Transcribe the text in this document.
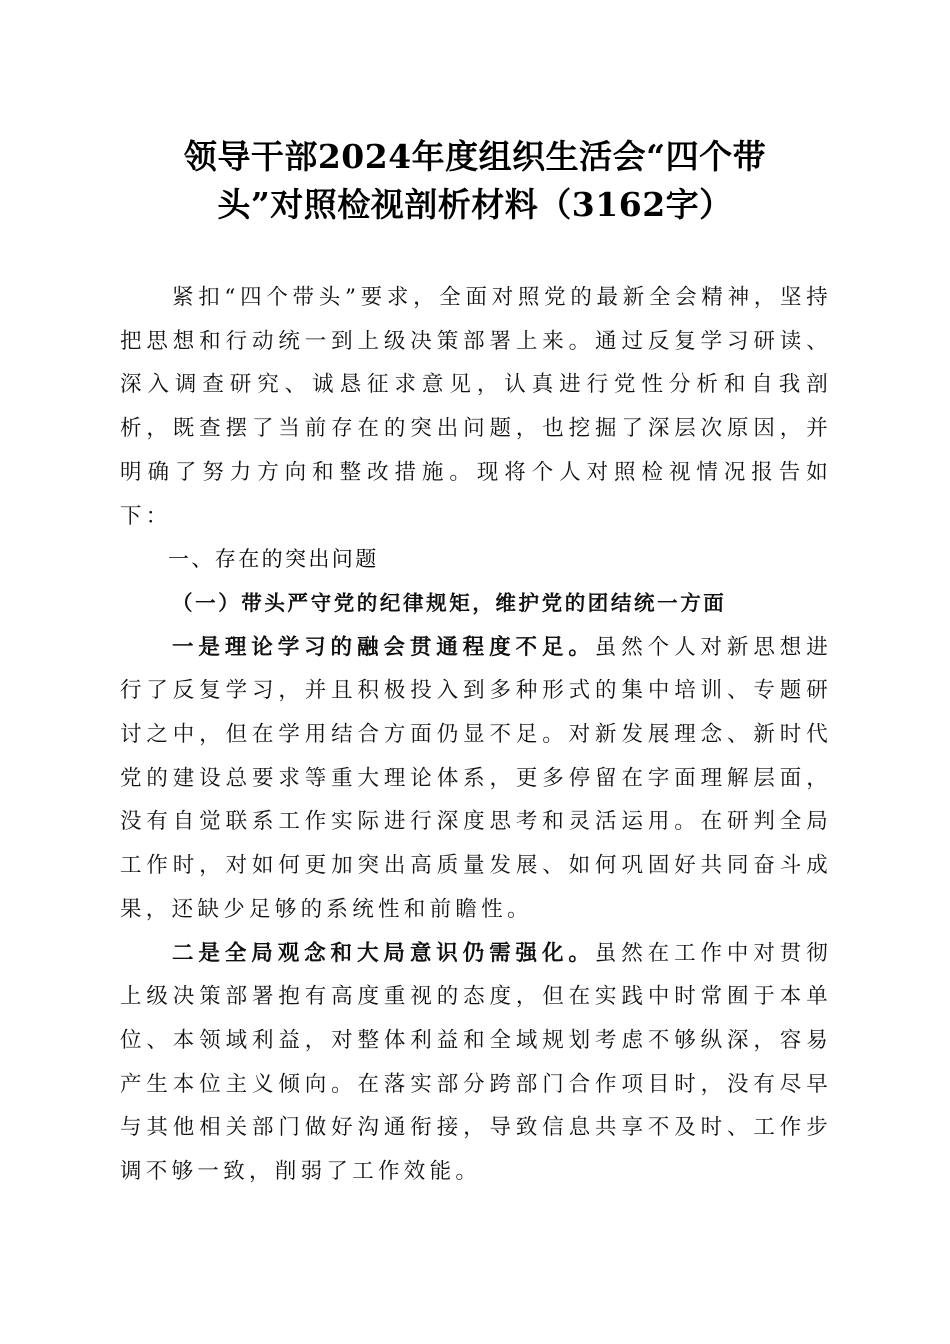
领导干部2024年度组织生活会“四个带
头”对照检视剖析材料（3162字）

紧扣“四个带头”要求，全面对照党的最新全会精神，坚持把思想和行动统一到上级决策部署上来。通过反复学习研读、深入调查研究、诚恳征求意见，认真进行党性分析和自我剖析，既查摆了当前存在的突出问题，也挖掘了深层次原因，并明确了努力方向和整改措施。现将个人对照检视情况报告如下：

一、存在的突出问题

（一）带头严守党的纪律规矩，维护党的团结统一方面

一是理论学习的融会贯通程度不足。虽然个人对新思想进行了反复学习，并且积极投入到多种形式的集中培训、专题研讨之中，但在学用结合方面仍显不足。对新发展理念、新时代党的建设总要求等重大理论体系，更多停留在字面理解层面，没有自觉联系工作实际进行深度思考和灵活运用。在研判全局工作时，对如何更加突出高质量发展、如何巩固好共同奋斗成果，还缺少足够的系统性和前瞻性。

二是全局观念和大局意识仍需强化。虽然在工作中对贯彻上级决策部署抱有高度重视的态度，但在实践中时常囿于本单位、本领域利益，对整体利益和全域规划考虑不够纵深，容易产生本位主义倾向。在落实部分跨部门合作项目时，没有尽早与其他相关部门做好沟通衔接，导致信息共享不及时、工作步调不够一致，削弱了工作效能。
